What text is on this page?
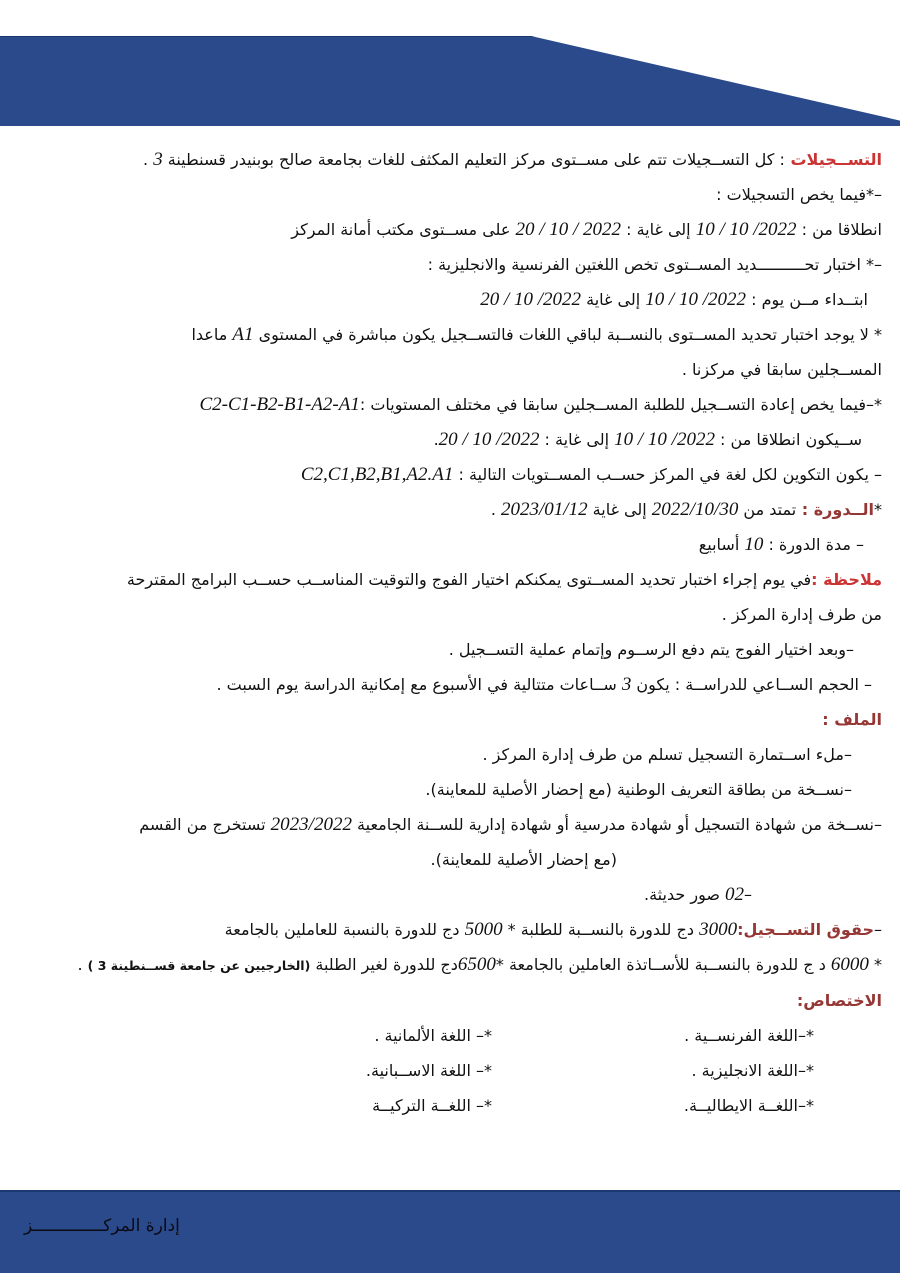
التســجيلات : كل التســجيلات تتم على مســتوى مركز التعليم المكثف للغات بجامعة صالح بوبنيدر قسنطينة 3 .
–*فيما يخص التسجيلات :
انطلاقا من : 10 / 10 /2022 إلى غاية : 20 / 10 / 2022 على مســتوى مكتب أمانة المركز
–* اختبار تحــــــــــديد المســتوى تخص اللغتين الفرنسية والانجليزية :
ابتــداء مــن يوم : 10 / 10 /2022 إلى غاية 20 / 10 /2022
* لا يوجد اختبار تحديد المســتوى بالنســبة لباقي اللغات فالتســجيل يكون مباشرة في المستوى A1 ماعدا
المســجلين سابقا في مركزنا .
*–فيما يخص إعادة التســجيل للطلبة المســجلين سابقا في مختلف المستويات :C2-C1-B2-B1-A2-A1
ســيكون انطلاقا من : 10 / 10 /2022 إلى غاية : 20 / 10 /2022.
– يكون التكوين لكل لغة في المركز حســب المســتويات التالية : C2,C1,B2,B1,A2.A1
*الــدورة : تمتد من 2022/10/30 إلى غاية 2023/01/12 .
– مدة الدورة : 10 أسابيع
ملاحظة :في يوم إجراء اختبار تحديد المســتوى يمكنكم اختيار الفوج والتوقيت المناســب حســب البرامج المقترحة
من طرف إدارة المركز .
–وبعد اختيار الفوج يتم دفع الرســوم وإتمام عملية التســجيل .
– الحجم الســاعي للدراســة : يكون 3 ســاعات متتالية في الأسبوع مع إمكانية الدراسة يوم السبت .
الملف :
–ملء اســتمارة التسجيل تسلم من طرف إدارة المركز .
–نســخة من بطاقة التعريف الوطنية (مع إحضار الأصلية للمعاينة).
–نســخة من شهادة التسجيل أو شهادة مدرسية أو شهادة إدارية للســنة الجامعية 2023/2022 تستخرج من القسم
(مع إحضار الأصلية للمعاينة).
–02 صور حديثة.
–حقوق التســجيل:3000 دج للدورة بالنســبة للطلبة * 5000 دج للدورة بالنسبة للعاملين بالجامعة
* 6000 د ج للدورة بالنســبة للأســاتذة العاملين بالجامعة *6500دج للدورة لغير الطلبة (الخارجيين عن جامعة قســنطينة 3 ) .
الاختصاص:
*–اللغة الفرنســية .
*– اللغة الألمانية .
*–اللغة الانجليزية .
*– اللغة الاســبانية.
*–اللغــة الايطاليــة.
*– اللغــة التركيــة
إدارة المركــــــــــــــز
